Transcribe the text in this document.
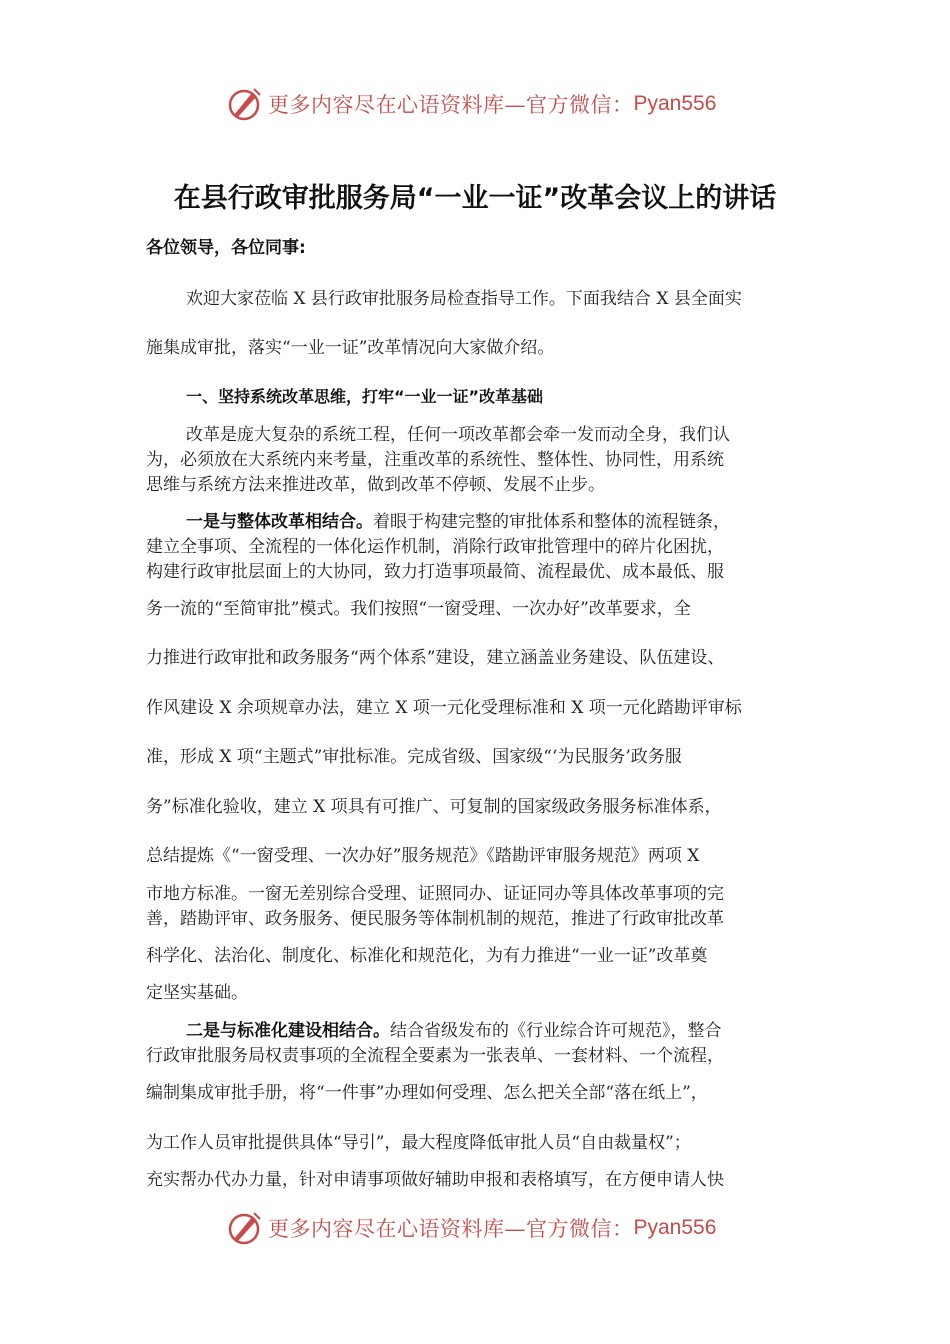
更多内容尽在心语资料库—官方微信： Pyan556
在县行政审批服务局“一业一证”改革会议上的讲话
各位领导，各位同事:
欢迎大家莅临 X 县行政审批服务局检查指导工作。下面我结合 X 县全面实
施集成审批，落实“一业一证”改革情况向大家做介绍。
一、坚持系统改革思维，打牢“一业一证”改革基础
改革是庞大复杂的系统工程，任何一项改革都会牵一发而动全身，我们认
为，必须放在大系统内来考量，注重改革的系统性、整体性、协同性，用系统
思维与系统方法来推进改革，做到改革不停顿、发展不止步。
一是与整体改革相结合。着眼于构建完整的审批体系和整体的流程链条，
建立全事项、全流程的一体化运作机制，消除行政审批管理中的碎片化困扰，
构建行政审批层面上的大协同，致力打造事项最简、流程最优、成本最低、服
务一流的“至简审批”模式。我们按照“一窗受理、一次办好”改革要求，全
力推进行政审批和政务服务“两个体系”建设，建立涵盖业务建设、队伍建设、
作风建设 X 余项规章办法，建立 X 项一元化受理标准和 X 项一元化踏勘评审标
准，形成 X 项“主题式”审批标准。完成省级、国家级“‘为民服务’政务服
务”标准化验收，建立 X 项具有可推广、可复制的国家级政务服务标准体系，
总结提炼《“一窗受理、一次办好”服务规范》《踏勘评审服务规范》两项 X
市地方标准。一窗无差别综合受理、证照同办、证证同办等具体改革事项的完
善，踏勘评审、政务服务、便民服务等体制机制的规范，推进了行政审批改革
科学化、法治化、制度化、标准化和规范化，为有力推进“一业一证”改革奠
定坚实基础。
二是与标准化建设相结合。结合省级发布的《行业综合许可规范》，整合
行政审批服务局权责事项的全流程全要素为一张表单、一套材料、一个流程，
编制集成审批手册，将“一件事”办理如何受理、怎么把关全部“落在纸上”，
为工作人员审批提供具体“导引”，最大程度降低审批人员“自由裁量权”；
充实帮办代办力量，针对申请事项做好辅助申报和表格填写，在方便申请人快
更多内容尽在心语资料库—官方微信： Pyan556
